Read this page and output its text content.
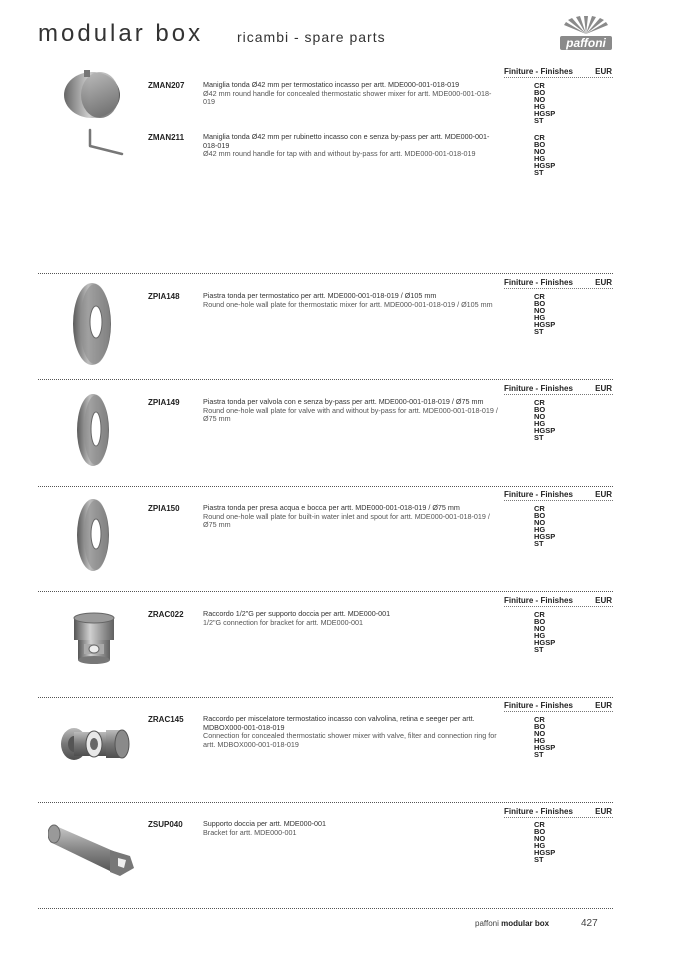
modular box ricambi - spare parts	paffoni
Finiture - Finishes	EUR
ZMAN207	Maniglia tonda Ø42 mm per termostatico incasso per artt. MDE000-001-018-019
Ø42 mm round handle for concealed thermostatic shower mixer for artt. MDE000-001-018-019
CR
BO
NO
HG
HGSP
ST
ZMAN211	Maniglia tonda Ø42 mm per rubinetto incasso con e senza by-pass per artt. MDE000-001-018-019
Ø42 mm round handle for tap with and without by-pass for artt. MDE000-001-018-019
CR
BO
NO
HG
HGSP
ST
Finiture - Finishes	EUR
ZPIA148	Piastra tonda per termostatico per artt. MDE000-001-018-019 / Ø105 mm
Round one-hole wall plate for thermostatic mixer for artt. MDE000-001-018-019 / Ø105 mm
CR
BO
NO
HG
HGSP
ST
Finiture - Finishes	EUR
ZPIA149	Piastra tonda per valvola con e senza by-pass per artt. MDE000-001-018-019 / Ø75 mm
Round one-hole wall plate for valve with and without by-pass for artt. MDE000-001-018-019 / Ø75 mm
CR
BO
NO
HG
HGSP
ST
Finiture - Finishes	EUR
ZPIA150	Piastra tonda per presa acqua e bocca per artt. MDE000-001-018-019 / Ø75 mm
Round one-hole wall plate for built-in water inlet and spout for artt. MDE000-001-018-019 / Ø75 mm
CR
BO
NO
HG
HGSP
ST
Finiture - Finishes	EUR
ZRAC022	Raccordo 1/2"G per supporto doccia per artt. MDE000-001
1/2"G connection for bracket for artt. MDE000-001
CR
BO
NO
HG
HGSP
ST
Finiture - Finishes	EUR
ZRAC145	Raccordo per miscelatore termostatico incasso con valvolina, retina e seeger per artt. MDBOX000-001-018-019
Connection for concealed thermostatic shower mixer with valve, filter and connection ring for artt. MDBOX000-001-018-019
CR
BO
NO
HG
HGSP
ST
Finiture - Finishes	EUR
ZSUP040	Supporto doccia per artt. MDE000-001
Bracket for artt. MDE000-001
CR
BO
NO
HG
HGSP
ST
paffoni modular box	427
